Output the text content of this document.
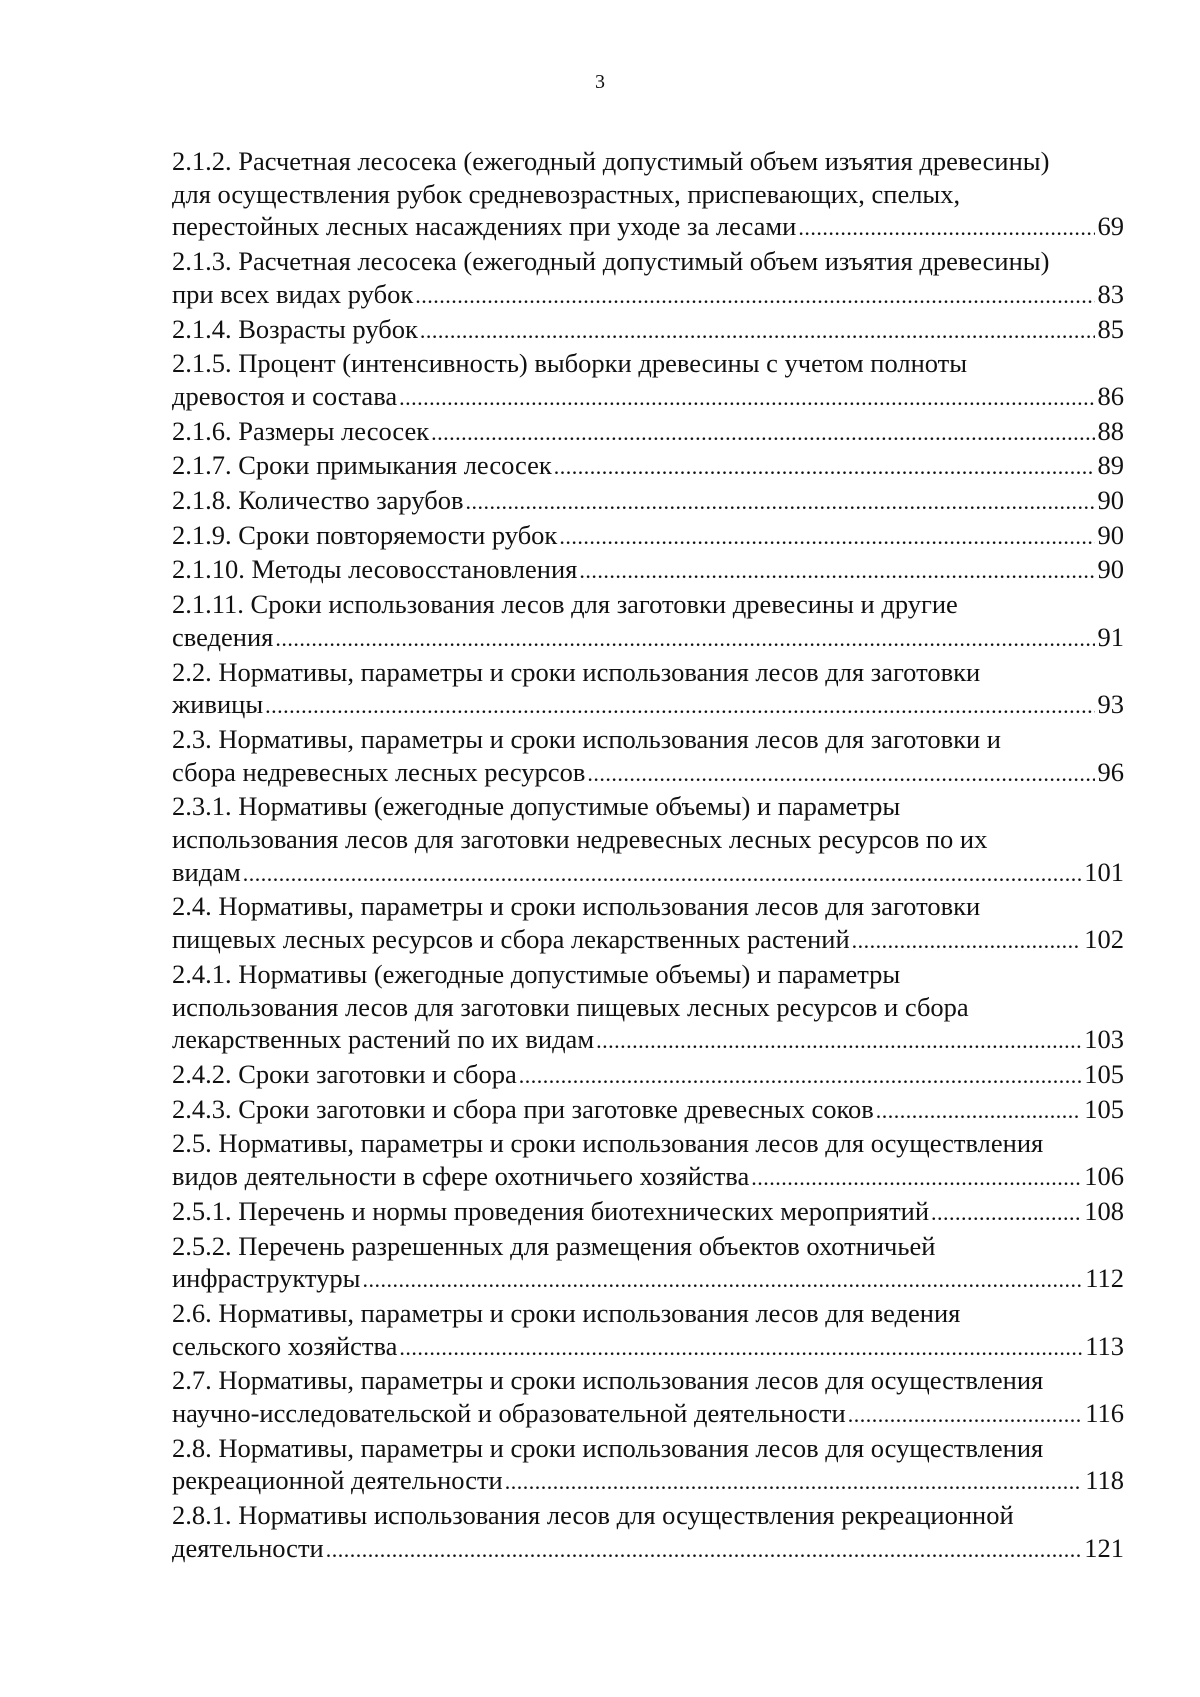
3
2.1.2. Расчетная лесосека (ежегодный допустимый объем изъятия древесины)
для осуществления рубок средневозрастных, приспевающих, спелых,
перестойных лесных насаждениях при уходе за лесами .....	69
2.1.3. Расчетная лесосека (ежегодный допустимый объем изъятия древесины)
при всех видах рубок .....	83
2.1.4. Возрасты рубок .....	85
2.1.5. Процент (интенсивность) выборки древесины с учетом полноты
древостоя и состава .....	86
2.1.6. Размеры лесосек .....	88
2.1.7. Сроки примыкания лесосек .....	89
2.1.8. Количество зарубов .....	90
2.1.9. Сроки повторяемости рубок .....	90
2.1.10. Методы лесовосстановления .....	90
2.1.11. Сроки использования лесов для заготовки древесины и другие
сведения .....	91
2.2. Нормативы, параметры и сроки использования лесов для заготовки
живицы .....	93
2.3. Нормативы, параметры и сроки использования лесов для заготовки и
сбора недревесных лесных ресурсов .....	96
2.3.1. Нормативы (ежегодные допустимые объемы) и параметры
использования лесов для заготовки недревесных лесных ресурсов по их
видам .....	101
2.4. Нормативы, параметры и сроки использования лесов для заготовки
пищевых лесных ресурсов и сбора лекарственных растений .....	102
2.4.1. Нормативы (ежегодные допустимые объемы) и параметры
использования лесов для заготовки пищевых лесных ресурсов и сбора
лекарственных растений по их видам .....	103
2.4.2. Сроки заготовки и сбора .....	105
2.4.3. Сроки заготовки и сбора при заготовке древесных соков .....	105
2.5. Нормативы, параметры и сроки использования лесов для осуществления
видов деятельности в сфере охотничьего хозяйства .....	106
2.5.1. Перечень и нормы проведения биотехнических мероприятий .....	108
2.5.2. Перечень разрешенных для размещения объектов охотничьей
инфраструктуры .....	112
2.6. Нормативы, параметры и сроки использования лесов для ведения
сельского хозяйства .....	113
2.7. Нормативы, параметры и сроки использования лесов для осуществления
научно-исследовательской и образовательной деятельности .....	116
2.8. Нормативы, параметры и сроки использования лесов для осуществления
рекреационной деятельности .....	118
2.8.1. Нормативы использования лесов для осуществления рекреационной
деятельности .....	121
